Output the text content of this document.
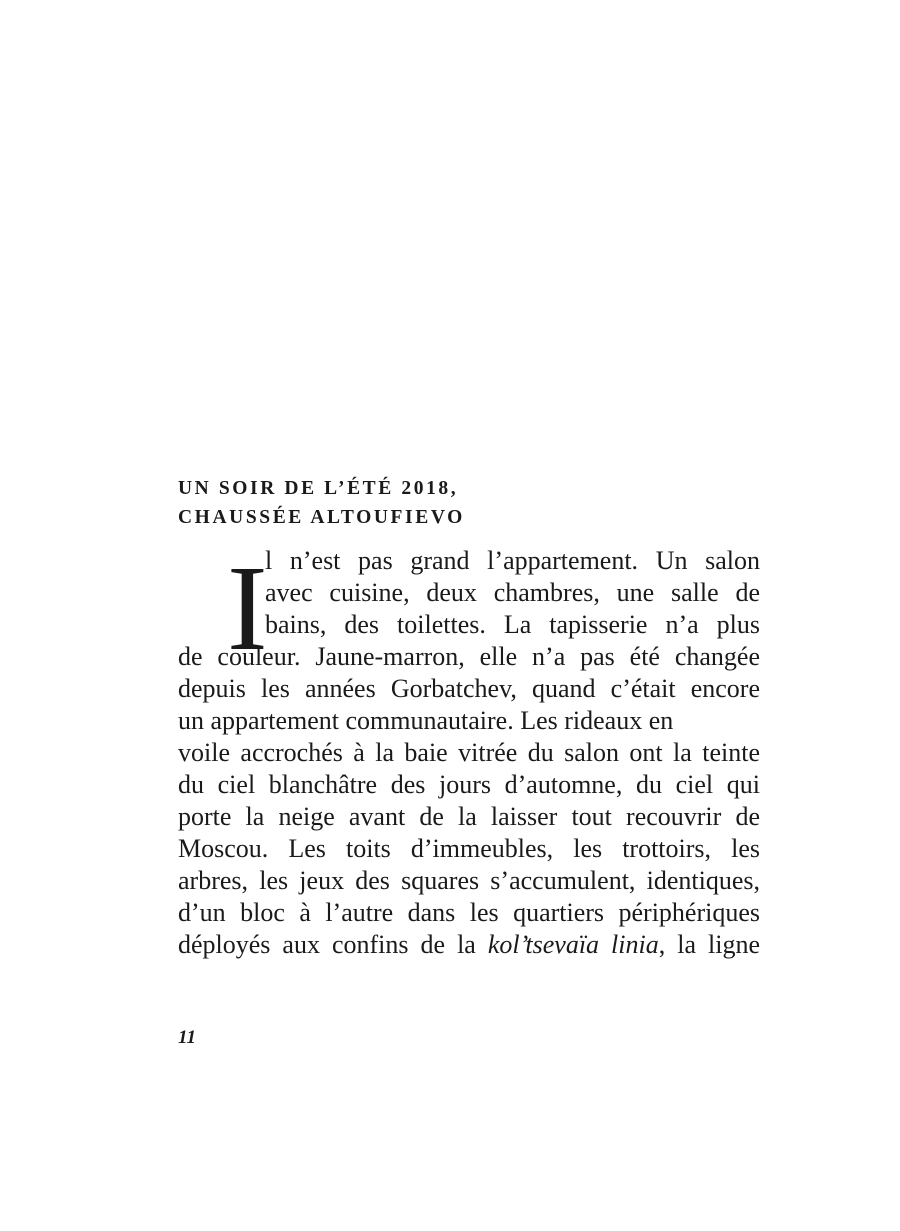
UN SOIR DE L’ÉTÉ 2018,
CHAUSSÉE ALTOUFIEVO
I
l n’est pas grand l’appartement. Un salon
avec cuisine, deux chambres, une salle de
bains, des toilettes. La tapisserie n’a plus
de couleur. Jaune-marron, elle n’a pas été changée
depuis les années Gorbatchev, quand c’était encore
un appartement communautaire. Les rideaux en
voile accrochés à la baie vitrée du salon ont la teinte
du ciel blanchâtre des jours d’automne, du ciel qui
porte la neige avant de la laisser tout recouvrir de
Moscou. Les toits d’immeubles, les trottoirs, les
arbres, les jeux des squares s’accumulent, identiques,
d’un bloc à l’autre dans les quartiers périphériques
déployés aux confins de la kol’tsevaïa linia, la ligne
11
